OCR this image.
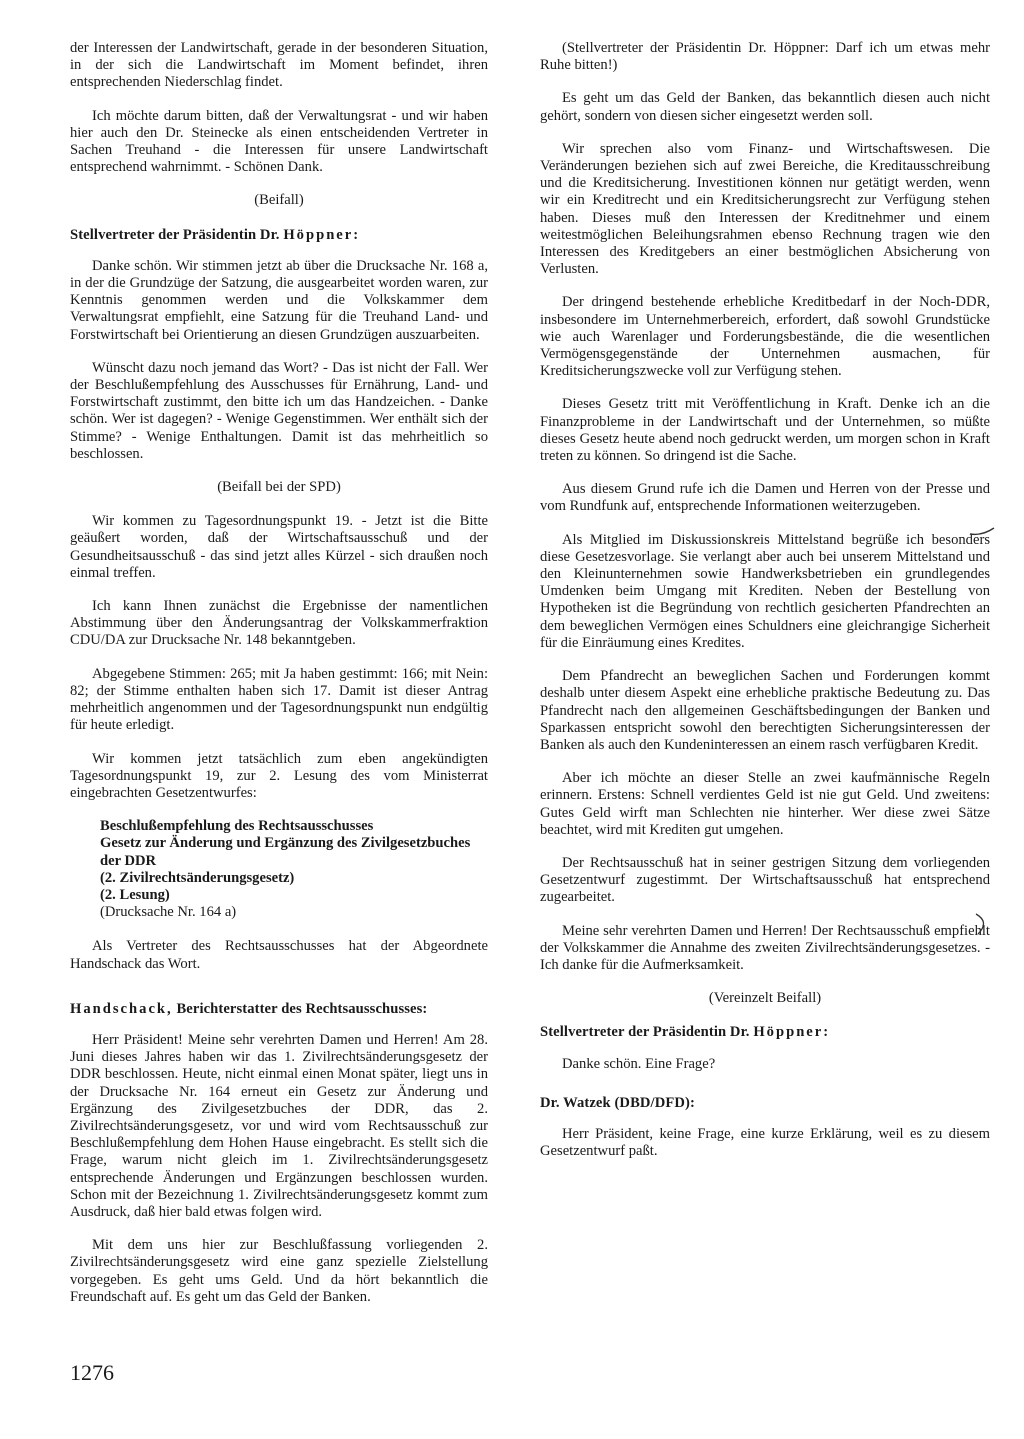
der Interessen der Landwirtschaft, gerade in der besonderen Situation, in der sich die Landwirtschaft im Moment befindet, ihren entsprechenden Niederschlag findet.

Ich möchte darum bitten, daß der Verwaltungsrat - und wir haben hier auch den Dr. Steinecke als einen entscheidenden Vertreter in Sachen Treuhand - die Interessen für unsere Landwirtschaft entsprechend wahrnimmt. - Schönen Dank.

(Beifall)

Stellvertreter der Präsidentin Dr. Höppner:

Danke schön. Wir stimmen jetzt ab über die Drucksache Nr. 168 a, in der die Grundzüge der Satzung, die ausgearbeitet worden waren, zur Kenntnis genommen werden und die Volkskammer dem Verwaltungsrat empfiehlt, eine Satzung für die Treuhand Land- und Forstwirtschaft bei Orientierung an diesen Grundzügen auszuarbeiten.

Wünscht dazu noch jemand das Wort? - Das ist nicht der Fall. Wer der Beschlußempfehlung des Ausschusses für Ernährung, Land- und Forstwirtschaft zustimmt, den bitte ich um das Handzeichen. - Danke schön. Wer ist dagegen? - Wenige Gegenstimmen. Wer enthält sich der Stimme? - Wenige Enthaltungen. Damit ist das mehrheitlich so beschlossen.

(Beifall bei der SPD)

Wir kommen zu Tagesordnungspunkt 19. - Jetzt ist die Bitte geäußert worden, daß der Wirtschaftsausschuß und der Gesundheitsausschuß - das sind jetzt alles Kürzel - sich draußen noch einmal treffen.

Ich kann Ihnen zunächst die Ergebnisse der namentlichen Abstimmung über den Änderungsantrag der Volkskammerfraktion CDU/DA zur Drucksache Nr. 148 bekanntgeben.

Abgegebene Stimmen: 265; mit Ja haben gestimmt: 166; mit Nein: 82; der Stimme enthalten haben sich 17. Damit ist dieser Antrag mehrheitlich angenommen und der Tagesordnungspunkt nun endgültig für heute erledigt.

Wir kommen jetzt tatsächlich zum eben angekündigten Tagesordnungspunkt 19, zur 2. Lesung des vom Ministerrat eingebrachten Gesetzentwurfes:

Beschlußempfehlung des Rechtsausschusses
Gesetz zur Änderung und Ergänzung des Zivilgesetzbuches der DDR
(2. Zivilrechtsänderungsgesetz)
(2. Lesung)
(Drucksache Nr. 164 a)

Als Vertreter des Rechtsausschusses hat der Abgeordnete Handschack das Wort.

Handschack, Berichterstatter des Rechtsausschusses:

Herr Präsident! Meine sehr verehrten Damen und Herren! Am 28. Juni dieses Jahres haben wir das 1. Zivilrechtsänderungsgesetz der DDR beschlossen. Heute, nicht einmal einen Monat später, liegt uns in der Drucksache Nr. 164 erneut ein Gesetz zur Änderung und Ergänzung des Zivilgesetzbuches der DDR, das 2. Zivilrechtsänderungsgesetz, vor und wird vom Rechtsausschuß zur Beschlußempfehlung dem Hohen Hause eingebracht. Es stellt sich die Frage, warum nicht gleich im 1. Zivilrechtsänderungsgesetz entsprechende Änderungen und Ergänzungen beschlossen wurden. Schon mit der Bezeichnung 1. Zivilrechtsänderungsgesetz kommt zum Ausdruck, daß hier bald etwas folgen wird.

Mit dem uns hier zur Beschlußfassung vorliegenden 2. Zivilrechtsänderungsgesetz wird eine ganz spezielle Zielstellung vorgegeben. Es geht ums Geld. Und da hört bekanntlich die Freundschaft auf. Es geht um das Geld der Banken.

(Stellvertreter der Präsidentin Dr. Höppner: Darf ich um etwas mehr Ruhe bitten!)

Es geht um das Geld der Banken, das bekanntlich diesen auch nicht gehört, sondern von diesen sicher eingesetzt werden soll.

Wir sprechen also vom Finanz- und Wirtschaftswesen. Die Veränderungen beziehen sich auf zwei Bereiche, die Kreditausschreibung und die Kreditsicherung. Investitionen können nur getätigt werden, wenn wir ein Kreditrecht und ein Kreditsicherungsrecht zur Verfügung stehen haben. Dieses muß den Interessen der Kreditnehmer und einem weitestmöglichen Beleihungsrahmen ebenso Rechnung tragen wie den Interessen des Kreditgebers an einer bestmöglichen Absicherung von Verlusten.

Der dringend bestehende erhebliche Kreditbedarf in der Noch-DDR, insbesondere im Unternehmerbereich, erfordert, daß sowohl Grundstücke wie auch Warenlager und Forderungsbestände, die die wesentlichen Vermögensgegenstände der Unternehmen ausmachen, für Kreditsicherungszwecke voll zur Verfügung stehen.

Dieses Gesetz tritt mit Veröffentlichung in Kraft. Denke ich an die Finanzprobleme in der Landwirtschaft und der Unternehmen, so müßte dieses Gesetz heute abend noch gedruckt werden, um morgen schon in Kraft treten zu können. So dringend ist die Sache.

Aus diesem Grund rufe ich die Damen und Herren von der Presse und vom Rundfunk auf, entsprechende Informationen weiterzugeben.

Als Mitglied im Diskussionskreis Mittelstand begrüße ich besonders diese Gesetzesvorlage. Sie verlangt aber auch bei unserem Mittelstand und den Kleinunternehmen sowie Handwerksbetrieben ein grundlegendes Umdenken beim Umgang mit Krediten. Neben der Bestellung von Hypotheken ist die Begründung von rechtlich gesicherten Pfandrechten an dem beweglichen Vermögen eines Schuldners eine gleichrangige Sicherheit für die Einräumung eines Kredites.

Dem Pfandrecht an beweglichen Sachen und Forderungen kommt deshalb unter diesem Aspekt eine erhebliche praktische Bedeutung zu. Das Pfandrecht nach den allgemeinen Geschäftsbedingungen der Banken und Sparkassen entspricht sowohl den berechtigten Sicherungsinteressen der Banken als auch den Kundeninteressen an einem rasch verfügbaren Kredit.

Aber ich möchte an dieser Stelle an zwei kaufmännische Regeln erinnern. Erstens: Schnell verdientes Geld ist nie gut Geld. Und zweitens: Gutes Geld wirft man Schlechten nie hinterher. Wer diese zwei Sätze beachtet, wird mit Krediten gut umgehen.

Der Rechtsausschuß hat in seiner gestrigen Sitzung dem vorliegenden Gesetzentwurf zugestimmt. Der Wirtschaftsausschuß hat entsprechend zugearbeitet.

Meine sehr verehrten Damen und Herren! Der Rechtsausschuß empfiehlt der Volkskammer die Annahme des zweiten Zivilrechtsänderungsgesetzes. - Ich danke für die Aufmerksamkeit.

(Vereinzelt Beifall)

Stellvertreter der Präsidentin Dr. Höppner:

Danke schön. Eine Frage?

Dr. Watzek (DBD/DFD):

Herr Präsident, keine Frage, eine kurze Erklärung, weil es zu diesem Gesetzentwurf paßt.

1276
